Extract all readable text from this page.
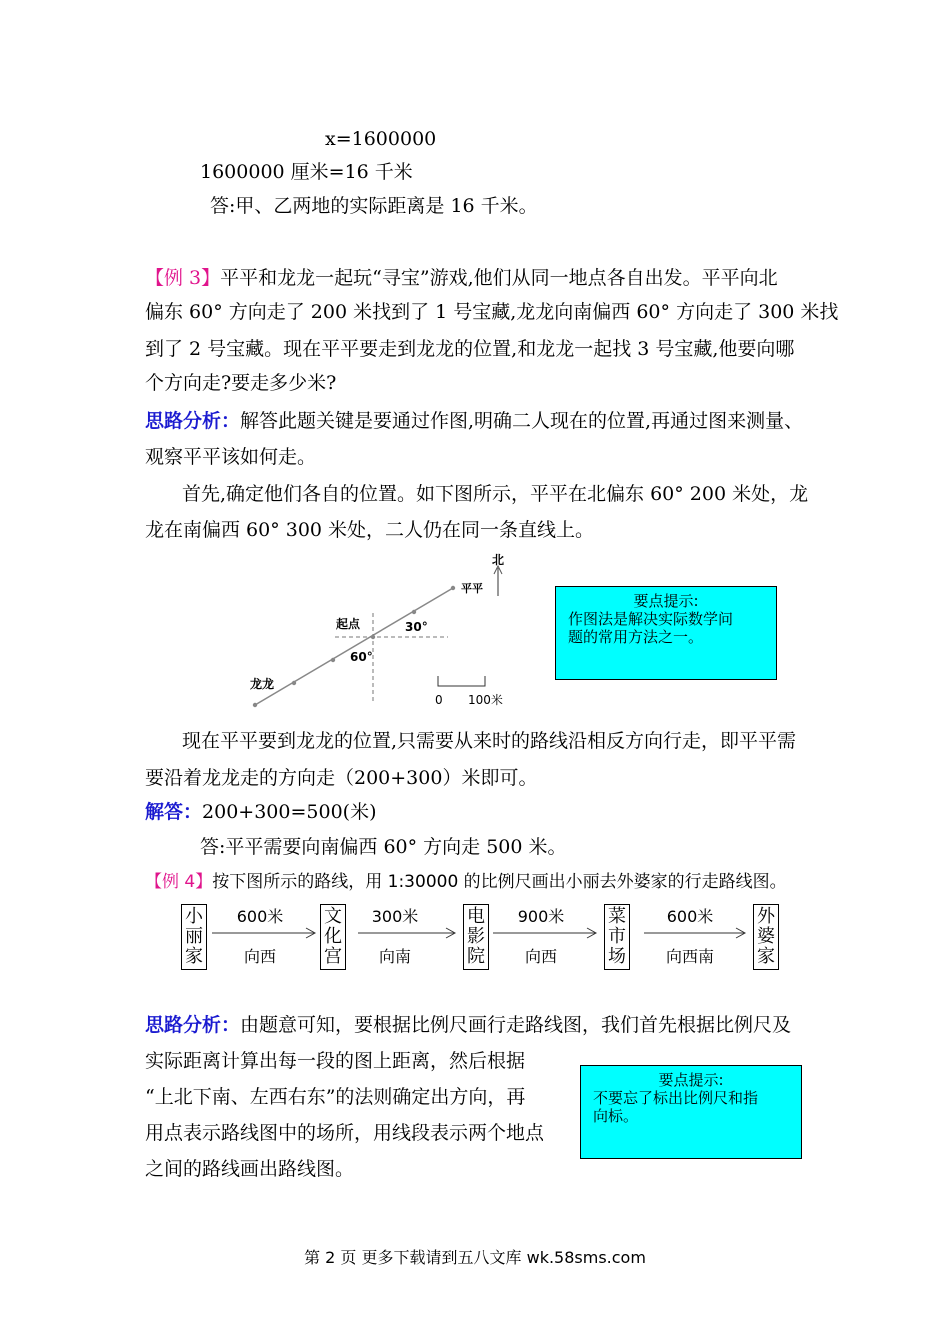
x=1600000
1600000 厘米=16 千米
答:甲、乙两地的实际距离是 16 千米。
【例 3】平平和龙龙一起玩“寻宝”游戏,他们从同一地点各自出发。平平向北
偏东 60° 方向走了 200 米找到了 1 号宝藏,龙龙向南偏西 60° 方向走了 300 米找
到了 2 号宝藏。现在平平要走到龙龙的位置,和龙龙一起找 3 号宝藏,他要向哪
个方向走?要走多少米?
思路分析：解答此题关键是要通过作图,明确二人现在的位置,再通过图来测量、
观察平平该如何走。
首先,确定他们各自的位置。如下图所示，平平在北偏东 60° 200 米处，龙
龙在南偏西 60° 300 米处，二人仍在同一条直线上。
北
平平
起点	30°
60°
龙龙
0 100米
要点提示:
作图法是解决实际数学问
题的常用方法之一。
现在平平要到龙龙的位置,只需要从来时的路线沿相反方向行走，即平平需
要沿着龙龙走的方向走（200+300）米即可。
解答：200+300=500(米)
答:平平需要向南偏西 60° 方向走 500 米。
【例 4】按下图所示的路线，用 1:30000 的比例尺画出小丽去外婆家的行走路线图。
小
丽
家
文
化
宫
电
影
院
菜
市
场
外
婆
家
600米
向西
300米
向南
900米
向西
600米
向西南
思路分析：由题意可知，要根据比例尺画行走路线图，我们首先根据比例尺及
实际距离计算出每一段的图上距离，然后根据
“上北下南、左西右东”的法则确定出方向，再
用点表示路线图中的场所，用线段表示两个地点
之间的路线画出路线图。
要点提示:
不要忘了标出比例尺和指
向标。
第 2 页 更多下载请到五八文库 wk.58sms.com
